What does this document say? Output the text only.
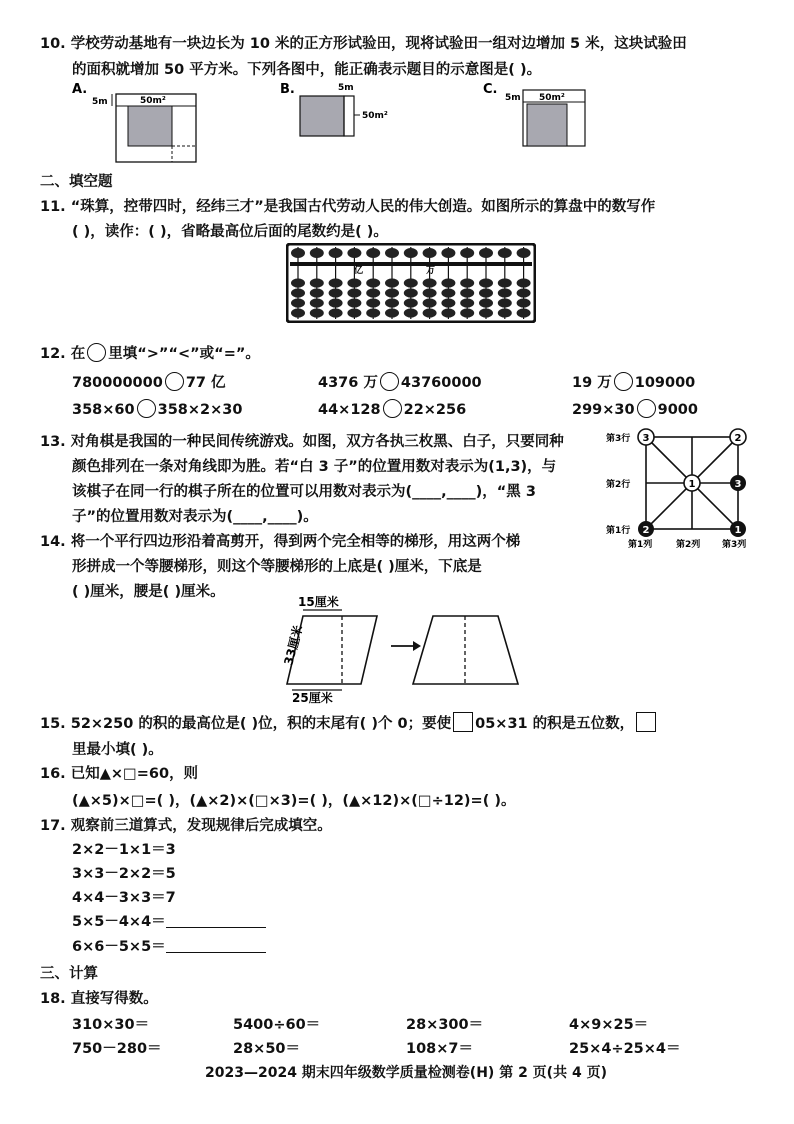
10. 学校劳动基地有一块边长为 10 米的正方形试验田，现将试验田一组对边增加 5 米，这块试验田
的面积就增加 50 平方米。下列各图中，能正确表示题目的示意图是( )。
A.
5m	50m²
B.	5m
50m²
C.
5m 50m²
二、填空题
11. “珠算，控带四时，经纬三才”是我国古代劳动人民的伟大创造。如图所示的算盘中的数写作
( )，读作：( )，省略最高位后面的尾数约是( )。
亿	万
12. 在 里填“>”“<”或“=”。
780000000 77 亿	4376 万 43760000	19 万 109000
358×60 358×2×30	44×128 22×256	299×30 9000
13. 对角棋是我国的一种民间传统游戏。如图，双方各执三枚黑、白子，只要同种
颜色排列在一条对角线即为胜。若“白 3 子”的位置用数对表示为(1,3)，与
该棋子在同一行的棋子所在的位置可以用数对表示为(____,____)，“黑 3
子”的位置用数对表示为(____,____)。
第3行
第2行
第1行
第1列	第2列 第3列
3	2
1	3
2	1
14. 将一个平行四边形沿着高剪开，得到两个完全相等的梯形，用这两个梯
形拼成一个等腰梯形，则这个等腰梯形的上底是( )厘米，下底是
( )厘米，腰是( )厘米。
15厘米
33厘米
25厘米
15. 52×250 的积的最高位是( )位，积的末尾有( )个 0；要使 05×31 的积是五位数，
里最小填( )。
16. 已知▲×□=60，则
(▲×5)×□=( )，(▲×2)×(□×3)=( )，(▲×12)×(□÷12)=( )。
17. 观察前三道算式，发现规律后完成填空。
2×2－1×1＝3
3×3－2×2＝5
4×4－3×3＝7
5×5－4×4＝
6×6－5×5＝
三、计算
18. 直接写得数。
310×30＝	5400÷60＝	28×300＝	4×9×25＝
750－280＝	28×50＝	108×7＝	25×4÷25×4＝
2023—2024 期末四年级数学质量检测卷(H) 第 2 页(共 4 页)
